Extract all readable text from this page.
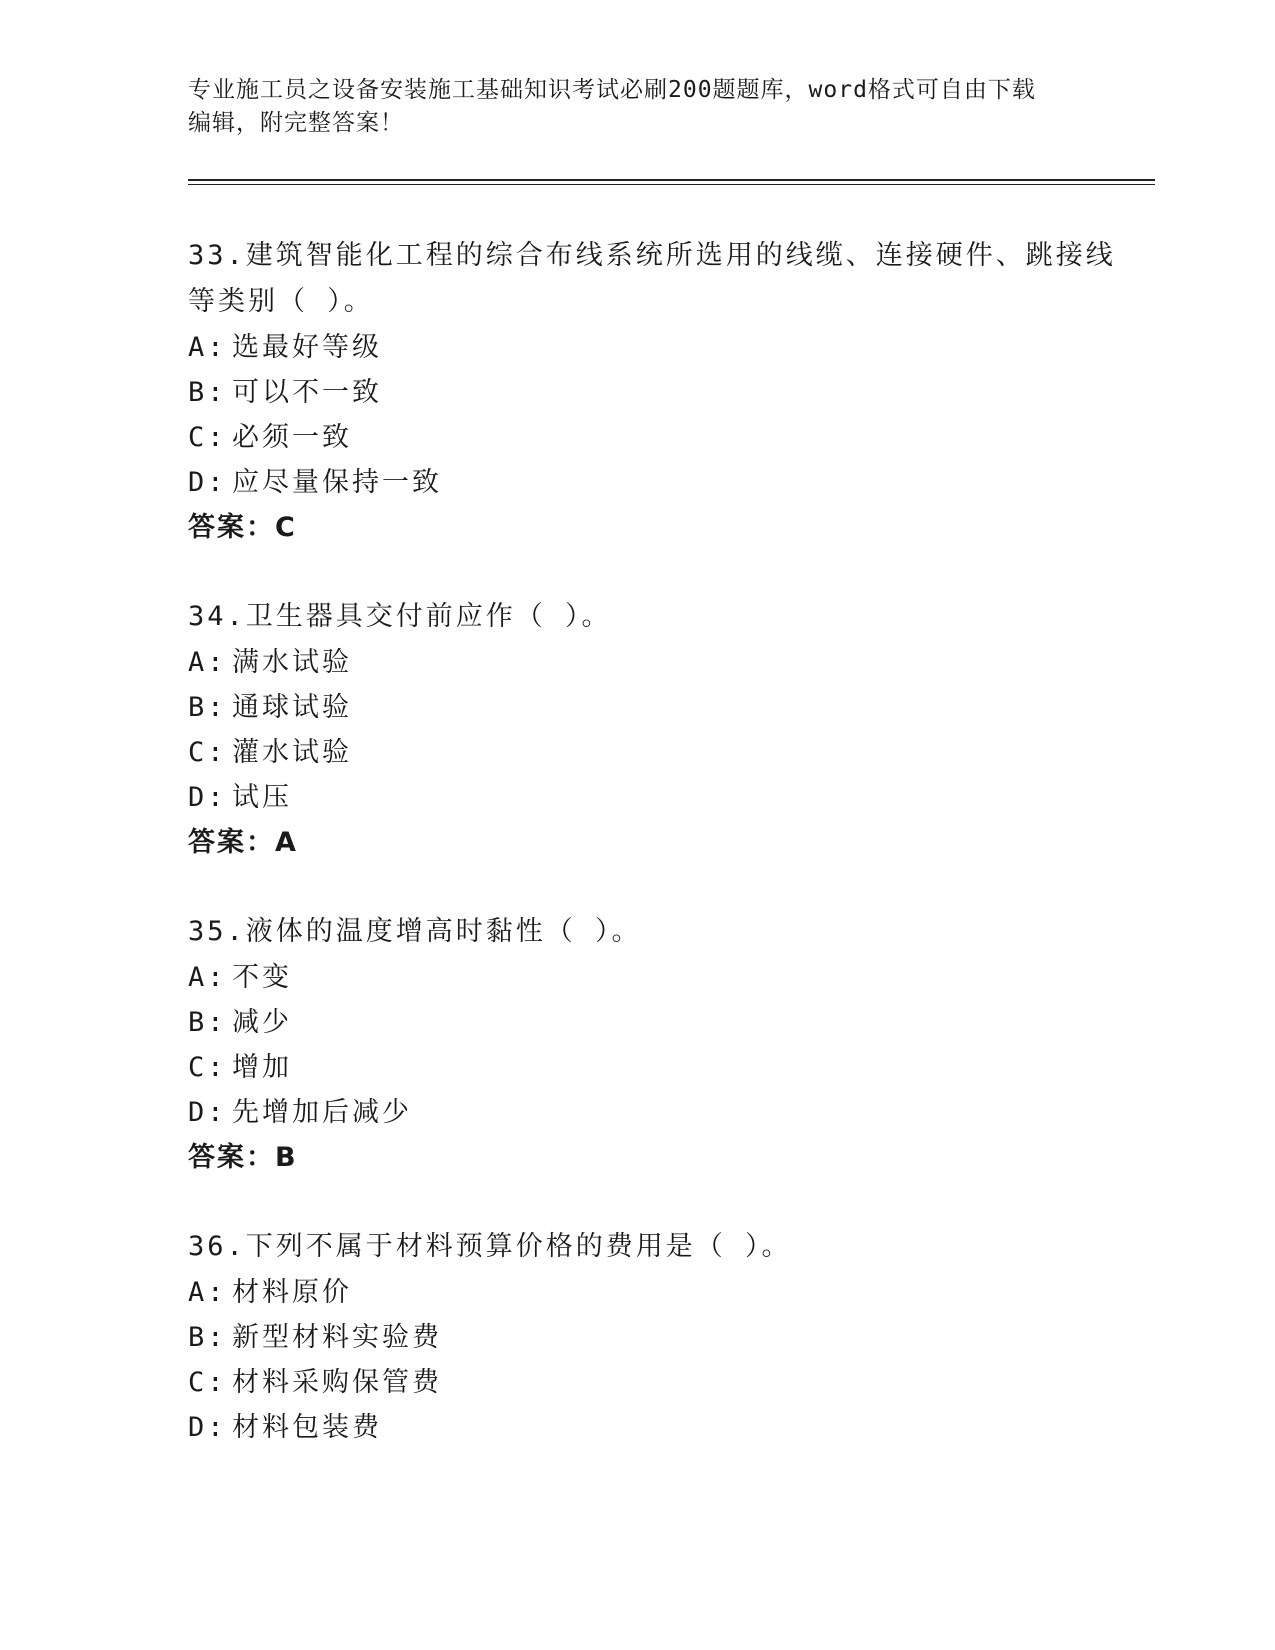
专业施工员之设备安装施工基础知识考试必刷200题题库，word格式可自由下载
编辑，附完整答案！
33.建筑智能化工程的综合布线系统所选用的线缆、连接硬件、跳接线
等类别（ ）。
A: 选最好等级
B: 可以不一致
C: 必须一致
D: 应尽量保持一致
答案：C
34.卫生器具交付前应作（ ）。
A: 满水试验
B: 通球试验
C: 灌水试验
D: 试压
答案：A
35.液体的温度增高时黏性（ ）。
A: 不变
B: 减少
C: 增加
D: 先增加后减少
答案：B
36.下列不属于材料预算价格的费用是（ ）。
A: 材料原价
B: 新型材料实验费
C: 材料采购保管费
D: 材料包装费
